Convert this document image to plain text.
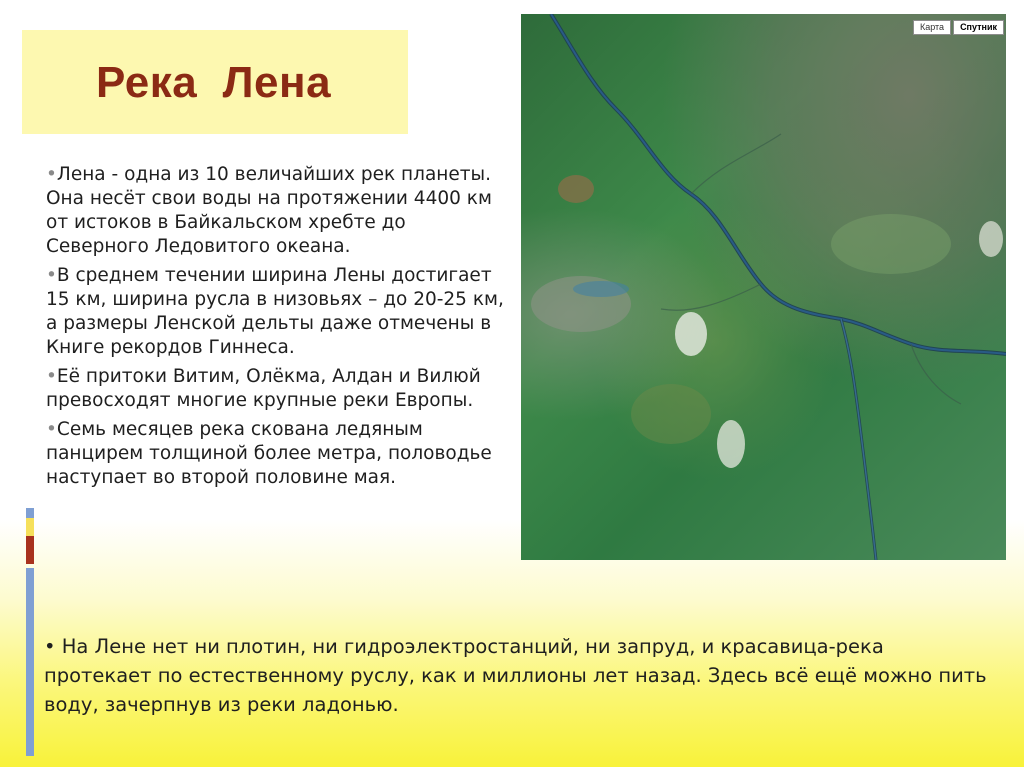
Река  Лена
•Лена - одна из 10 величайших рек планеты. Она несёт свои воды на протяжении 4400 км от истоков в Байкальском хребте до Северного Ледовитого океана.
•В среднем течении ширина Лены достигает 15 км, ширина русла в низовьях – до 20-25 км, а размеры Ленской дельты даже отмечены в Книге рекордов Гиннеса.
•Её притоки Витим, Олёкма, Алдан и Вилюй превосходят многие крупные реки Европы.
•Семь месяцев река скована ледяным панцирем толщиной более метра, половодье наступает во второй половине мая.
Карта	Спутник

• На Лене нет ни плотин, ни гидроэлектростанций, ни запруд, и красавица-река протекает по естественному руслу, как и миллионы лет назад. Здесь всё ещё можно пить воду, зачерпнув из реки ладонью.
